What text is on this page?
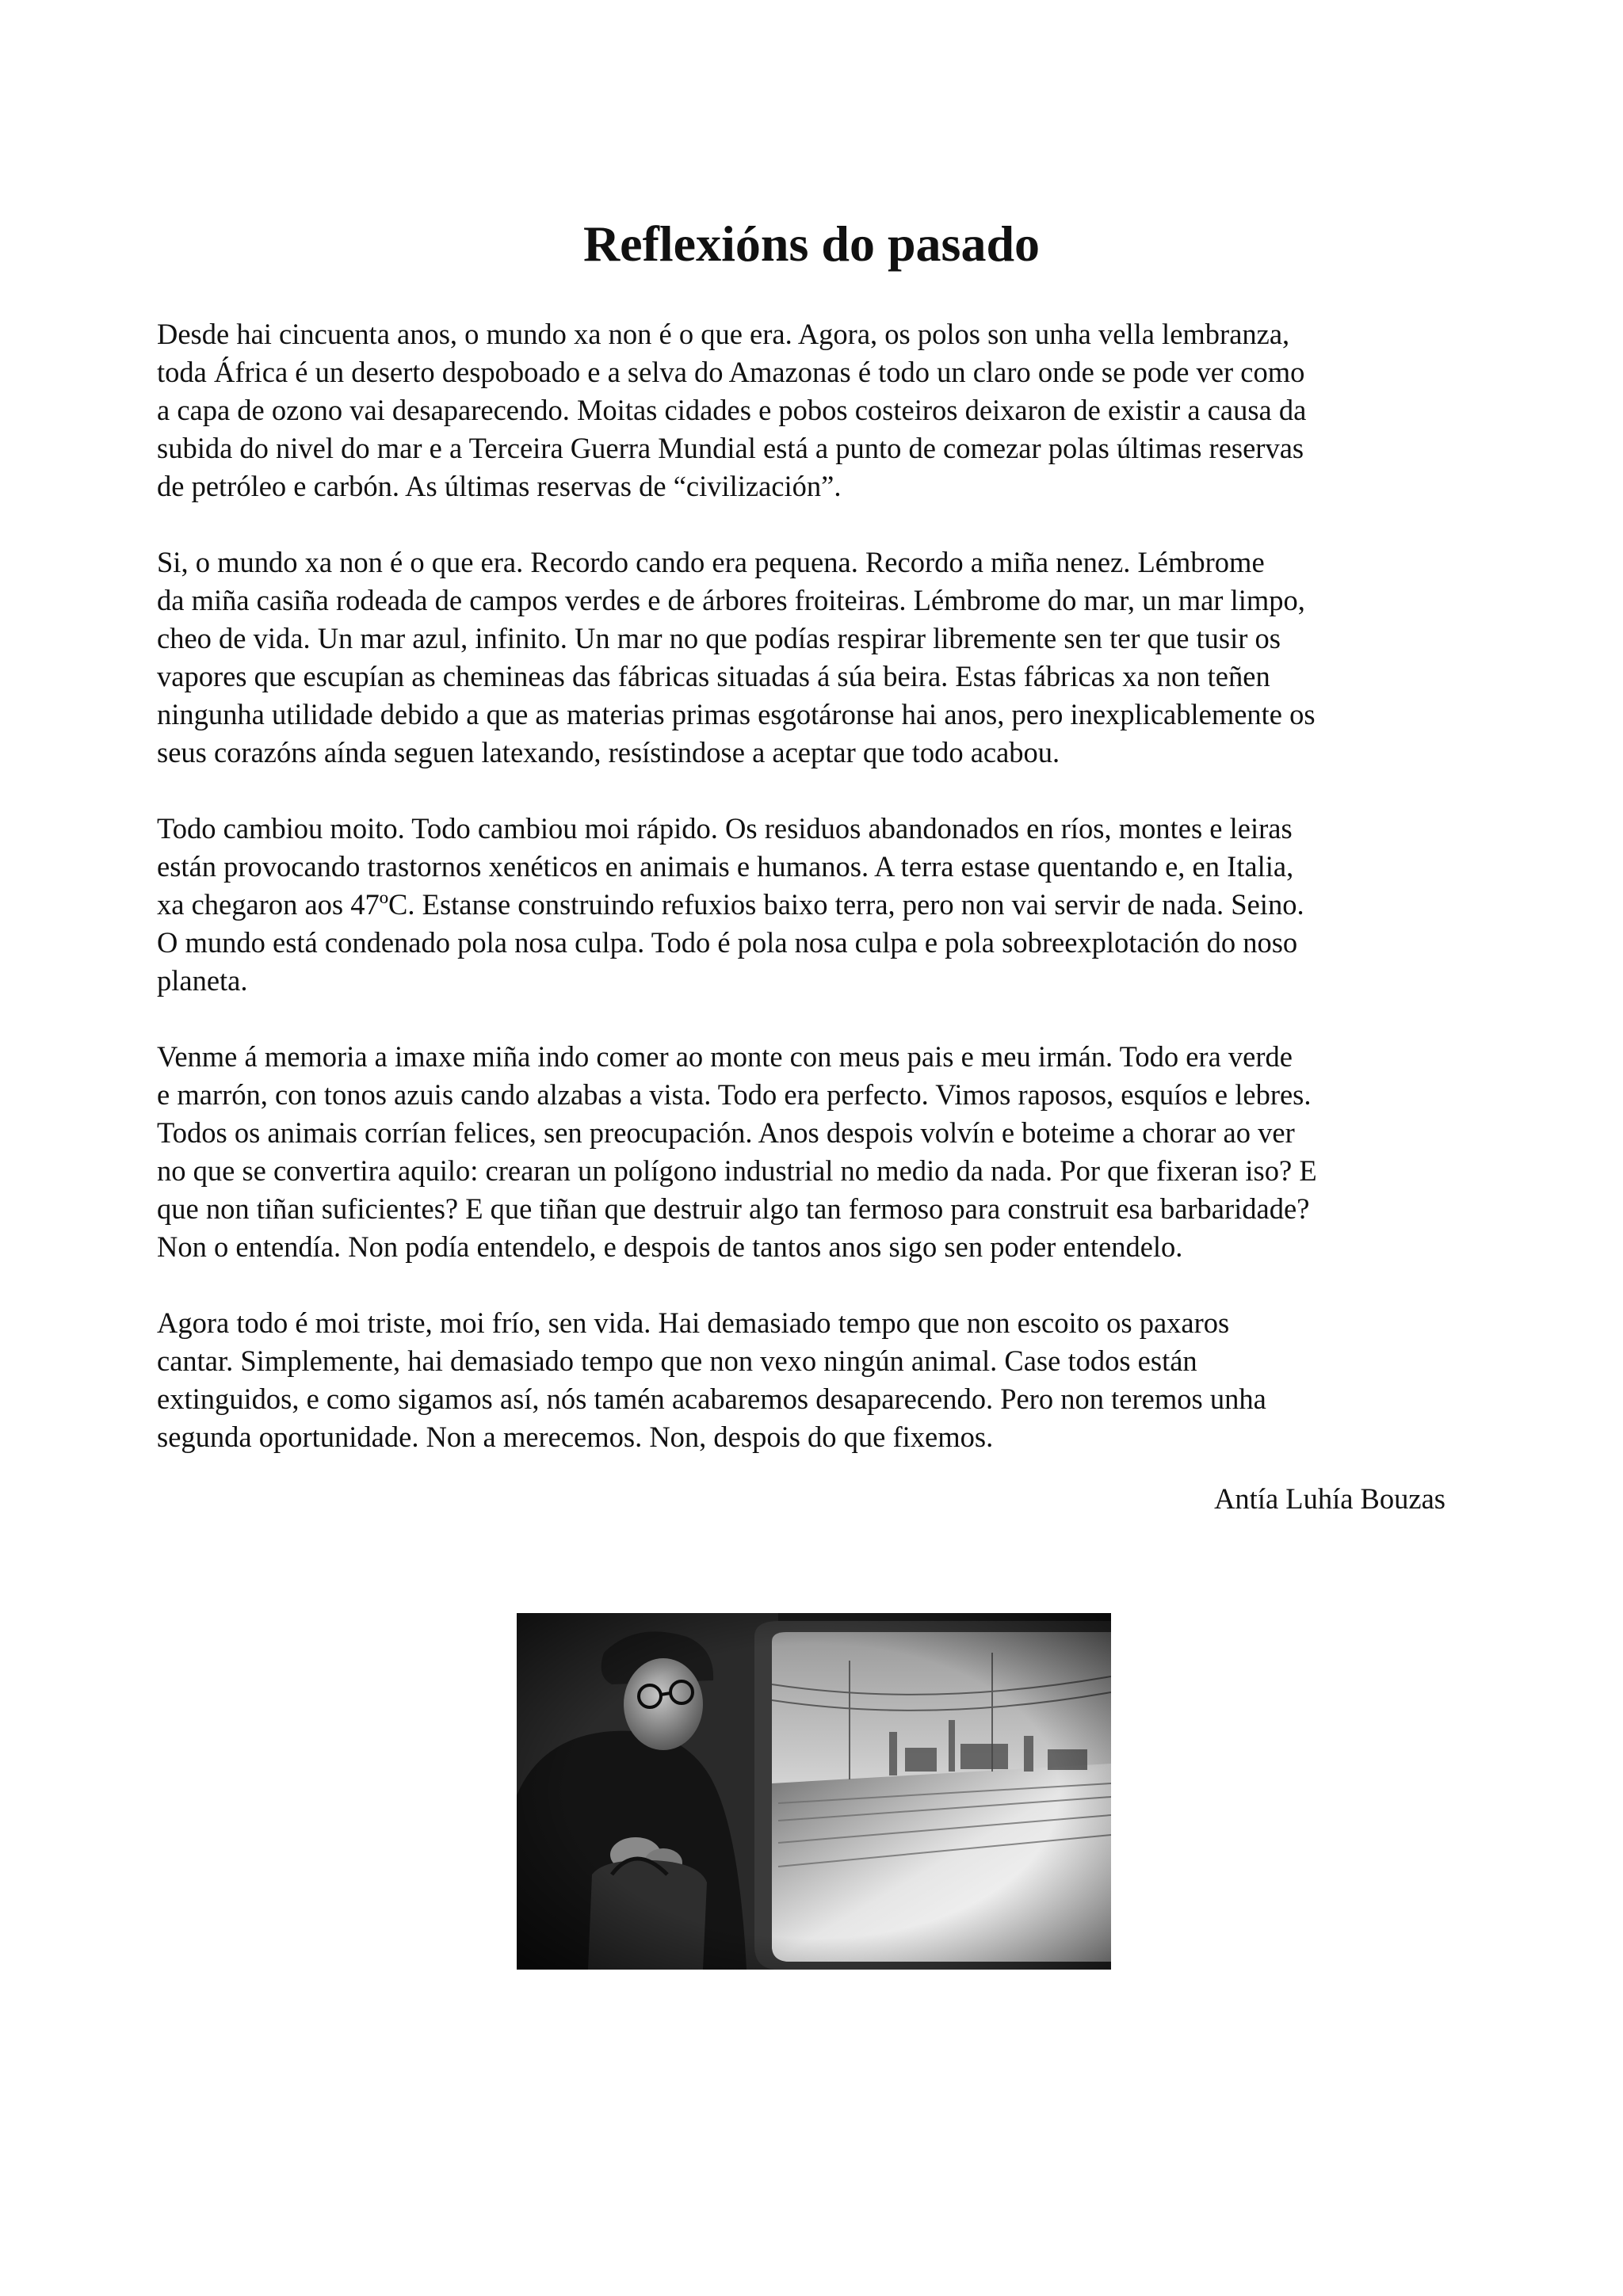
Reflexións do pasado

Desde hai cincuenta anos, o mundo xa non é o que era. Agora, os polos son unha vella lembranza,
toda África é un deserto despoboado e a selva do Amazonas é todo un claro onde se pode ver como
a capa de ozono vai desaparecendo. Moitas cidades e pobos costeiros deixaron de existir a causa da
subida do nivel do mar e a Terceira Guerra Mundial está a punto de comezar polas últimas reservas
de petróleo e carbón. As últimas reservas de “civilización”.

Si, o mundo xa non é o que era. Recordo cando era pequena. Recordo a miña nenez. Lémbrome
da miña casiña rodeada de campos verdes e de árbores froiteiras. Lémbrome do mar, un mar limpo,
cheo de vida. Un mar azul, infinito. Un mar no que podías respirar libremente sen ter que tusir os
vapores que escupían as chemineas das fábricas situadas á súa beira. Estas fábricas xa non teñen
ningunha utilidade debido a que as materias primas esgotáronse hai anos, pero inexplicablemente os
seus corazóns aínda seguen latexando, resístindose a aceptar que todo acabou.

Todo cambiou moito. Todo cambiou moi rápido. Os residuos abandonados en ríos, montes e leiras
están provocando trastornos xenéticos en animais e humanos. A terra estase quentando e, en Italia,
xa chegaron aos 47ºC. Estanse construindo refuxios baixo terra, pero non vai servir de nada. Seino.
O mundo está condenado pola nosa culpa. Todo é pola nosa culpa e pola sobreexplotación do noso
planeta.

Venme á memoria a imaxe miña indo comer ao monte con meus pais e meu irmán. Todo era verde
e marrón, con tonos azuis cando alzabas a vista. Todo era perfecto. Vimos raposos, esquíos e lebres.
Todos os animais corrían felices, sen preocupación. Anos despois volvín e boteime a chorar ao ver
no que se convertira aquilo: crearan un polígono industrial no medio da nada. Por que fixeran iso? E
que non tiñan suficientes? E que tiñan que destruir algo tan fermoso para construit esa barbaridade?
Non o entendía. Non podía entendelo, e despois de tantos anos sigo sen poder entendelo.

Agora todo é moi triste, moi frío, sen vida. Hai demasiado tempo que non escoito os paxaros
cantar. Simplemente, hai demasiado tempo que non vexo ningún animal. Case todos están
extinguidos, e como sigamos así, nós tamén acabaremos desaparecendo. Pero non teremos unha
segunda oportunidade. Non a merecemos. Non, despois do que fixemos.

Antía Luhía Bouzas
